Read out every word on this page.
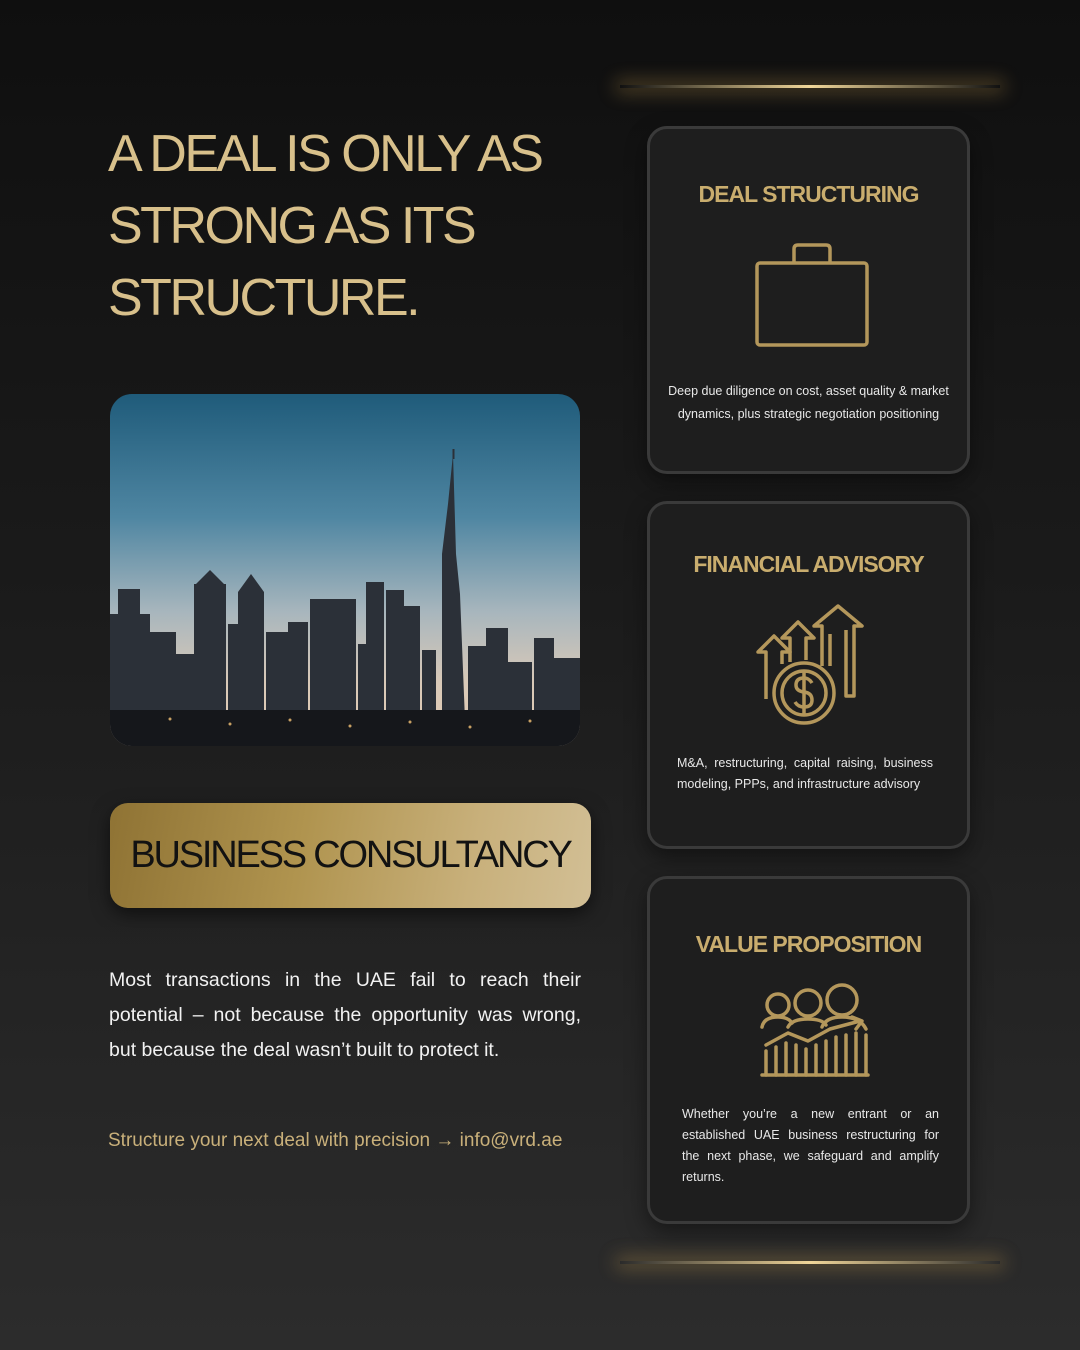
A DEAL IS ONLY AS
STRONG AS ITS
STRUCTURE.
BUSINESS CONSULTANCY

Most transactions in the UAE fail to reach their potential – not because the opportunity was wrong, but because the deal wasn’t built to protect it.

Structure your next deal with precision → info@vrd.ae

DEAL STRUCTURING

Deep due diligence on cost, asset quality & market dynamics, plus strategic negotiation positioning

FINANCIAL ADVISORY

M&A, restructuring, capital raising, business modeling, PPPs, and infrastructure advisory

VALUE PROPOSITION

Whether you’re a new entrant or an established UAE business restructuring for the next phase, we safeguard and amplify returns.
